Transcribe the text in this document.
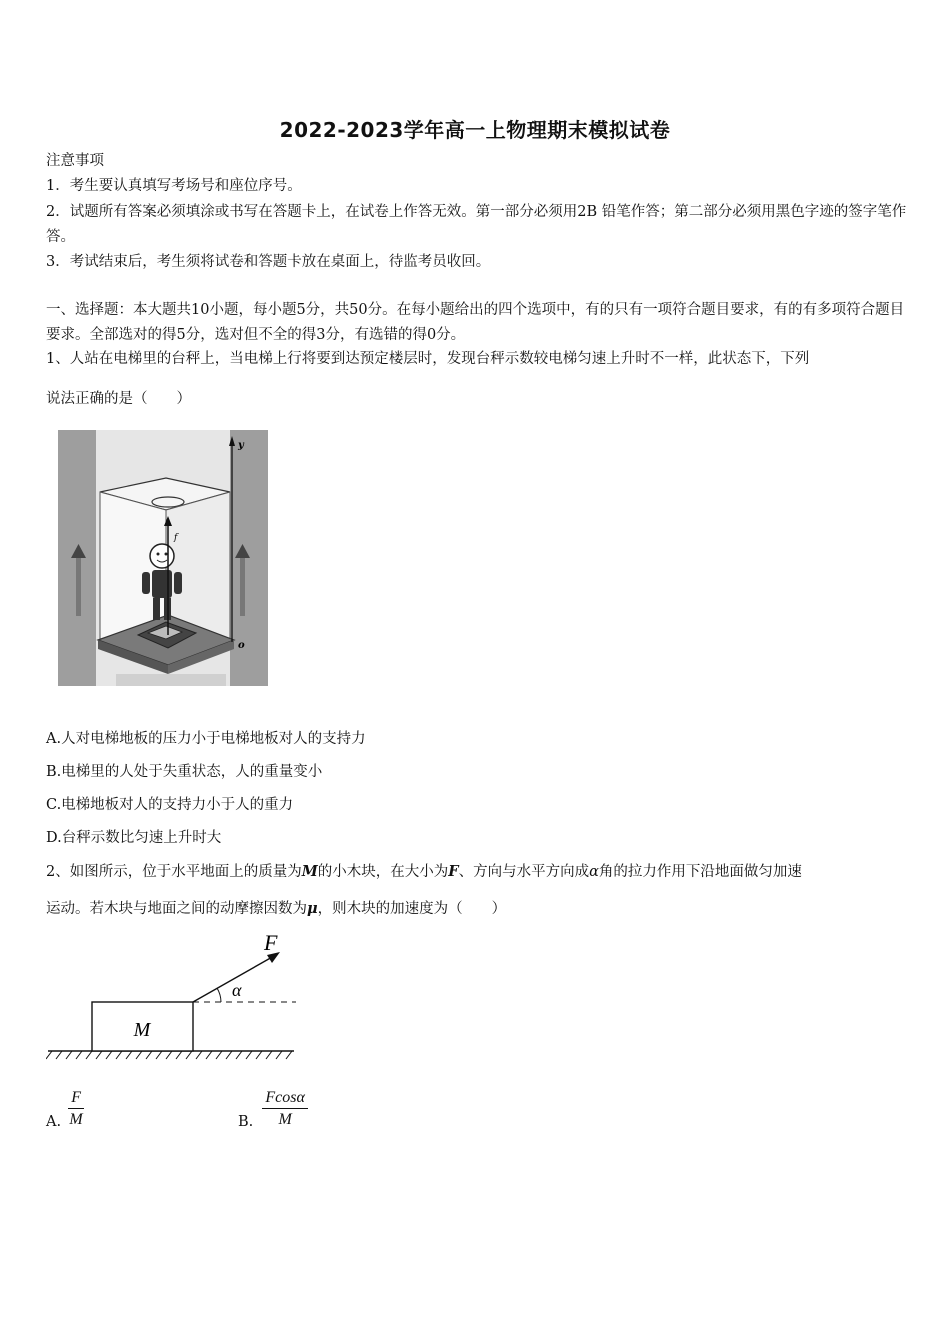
2022-2023学年高一上物理期末模拟试卷
注意事项
1．考生要认真填写考场号和座位序号。
2．试题所有答案必须填涂或书写在答题卡上，在试卷上作答无效。第一部分必须用2B 铅笔作答；第二部分必须用黑色字迹的签字笔作答。
3．考试结束后，考生须将试卷和答题卡放在桌面上，待监考员收回。
一、选择题：本大题共10小题，每小题5分，共50分。在每小题给出的四个选项中，有的只有一项符合题目要求，有的有多项符合题目要求。全部选对的得5分，选对但不全的得3分，有选错的得0分。
1、人站在电梯里的台秤上，当电梯上行将要到达预定楼层时，发现台秤示数较电梯匀速上升时不一样，此状态下，下列
说法正确的是（　　）
f
y
o
A.人对电梯地板的压力小于电梯地板对人的支持力
B.电梯里的人处于失重状态，人的重量变小
C.电梯地板对人的支持力小于人的重力
D.台秤示数比匀速上升时大
2、如图所示，位于水平地面上的质量为M的小木块，在大小为F、方向与水平方向成α角的拉力作用下沿地面做匀加速
运动。若木块与地面之间的动摩擦因数为μ，则木块的加速度为（　　）
M
F
α
A. $\frac{F}{M}$	B. $\frac{Fcos\alpha}{M}$
